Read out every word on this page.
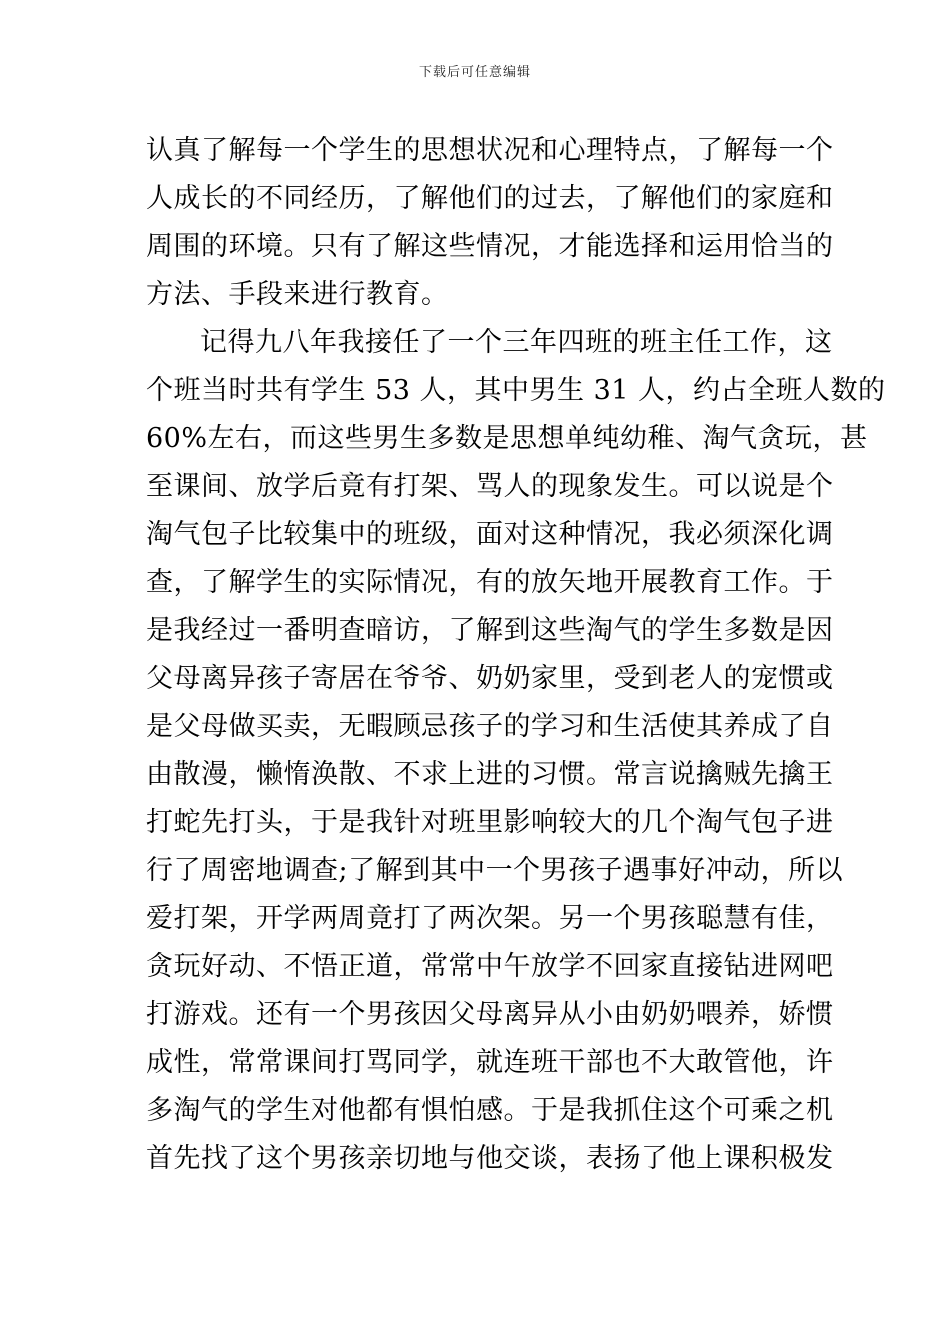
下载后可任意编辑
认真了解每一个学生的思想状况和心理特点，了解每一个
人成长的不同经历，了解他们的过去，了解他们的家庭和
周围的环境。只有了解这些情况，才能选择和运用恰当的
方法、手段来进行教育。
记得九八年我接任了一个三年四班的班主任工作，这
个班当时共有学生 53 人，其中男生 31 人，约占全班人数的
60%左右，而这些男生多数是思想单纯幼稚、淘气贪玩，甚
至课间、放学后竟有打架、骂人的现象发生。可以说是个
淘气包子比较集中的班级，面对这种情况，我必须深化调
查，了解学生的实际情况，有的放矢地开展教育工作。于
是我经过一番明查暗访，了解到这些淘气的学生多数是因
父母离异孩子寄居在爷爷、奶奶家里，受到老人的宠惯或
是父母做买卖，无暇顾忌孩子的学习和生活使其养成了自
由散漫，懒惰涣散、不求上进的习惯。常言说擒贼先擒王
打蛇先打头，于是我针对班里影响较大的几个淘气包子进
行了周密地调查;了解到其中一个男孩子遇事好冲动，所以
爱打架，开学两周竟打了两次架。另一个男孩聪慧有佳，
贪玩好动、不悟正道，常常中午放学不回家直接钻进网吧
打游戏。还有一个男孩因父母离异从小由奶奶喂养，娇惯
成性，常常课间打骂同学，就连班干部也不大敢管他，许
多淘气的学生对他都有惧怕感。于是我抓住这个可乘之机
首先找了这个男孩亲切地与他交谈，表扬了他上课积极发
